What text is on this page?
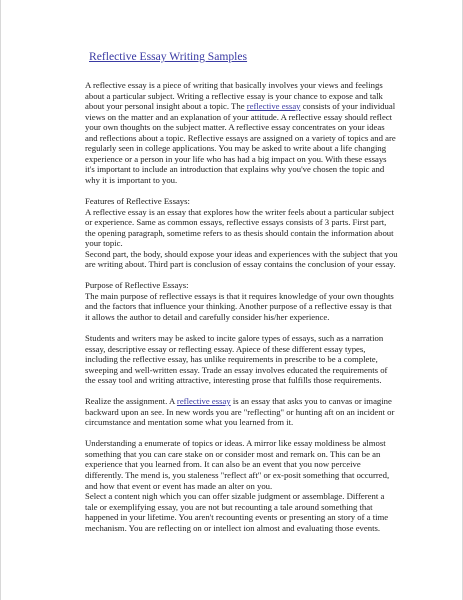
Reflective Essay Writing Samples
A reflective essay is a piece of writing that basically involves your views and feelings
about a particular subject. Writing a reflective essay is your chance to expose and talk
about your personal insight about a topic. The reflective essay consists of your individual
views on the matter and an explanation of your attitude. A reflective essay should reflect
your own thoughts on the subject matter. A reflective essay concentrates on your ideas
and reflections about a topic. Reflective essays are assigned on a variety of topics and are
regularly seen in college applications. You may be asked to write about a life changing
experience or a person in your life who has had a big impact on you. With these essays
it's important to include an introduction that explains why you've chosen the topic and
why it is important to you.
Features of Reflective Essays:
A reflective essay is an essay that explores how the writer feels about a particular subject
or experience. Same as common essays, reflective essays consists of 3 parts. First part,
the opening paragraph, sometime refers to as thesis should contain the information about
your topic.
Second part, the body, should expose your ideas and experiences with the subject that you
are writing about. Third part is conclusion of essay contains the conclusion of your essay.
Purpose of Reflective Essays:
The main purpose of reflective essays is that it requires knowledge of your own thoughts
and the factors that influence your thinking. Another purpose of a reflective essay is that
it allows the author to detail and carefully consider his/her experience.
Students and writers may be asked to incite galore types of essays, such as a narration
essay, descriptive essay or reflecting essay. Apiece of these different essay types,
including the reflective essay, has unlike requirements in prescribe to be a complete,
sweeping and well-written essay. Trade an essay involves educated the requirements of
the essay tool and writing attractive, interesting prose that fulfills those requirements.
Realize the assignment. A reflective essay is an essay that asks you to canvas or imagine
backward upon an see. In new words you are "reflecting" or hunting aft on an incident or
circumstance and mentation some what you learned from it.
Understanding a enumerate of topics or ideas. A mirror like essay moldiness be almost
something that you can care stake on or consider most and remark on. This can be an
experience that you learned from. It can also be an event that you now perceive
differently. The mend is, you staleness "reflect aft" or ex-posit something that occurred,
and how that event or event has made an alter on you.
Select a content nigh which you can offer sizable judgment or assemblage. Different a
tale or exemplifying essay, you are not but recounting a tale around something that
happened in your lifetime. You aren't recounting events or presenting an story of a time
mechanism. You are reflecting on or intellect ion almost and evaluating those events.
